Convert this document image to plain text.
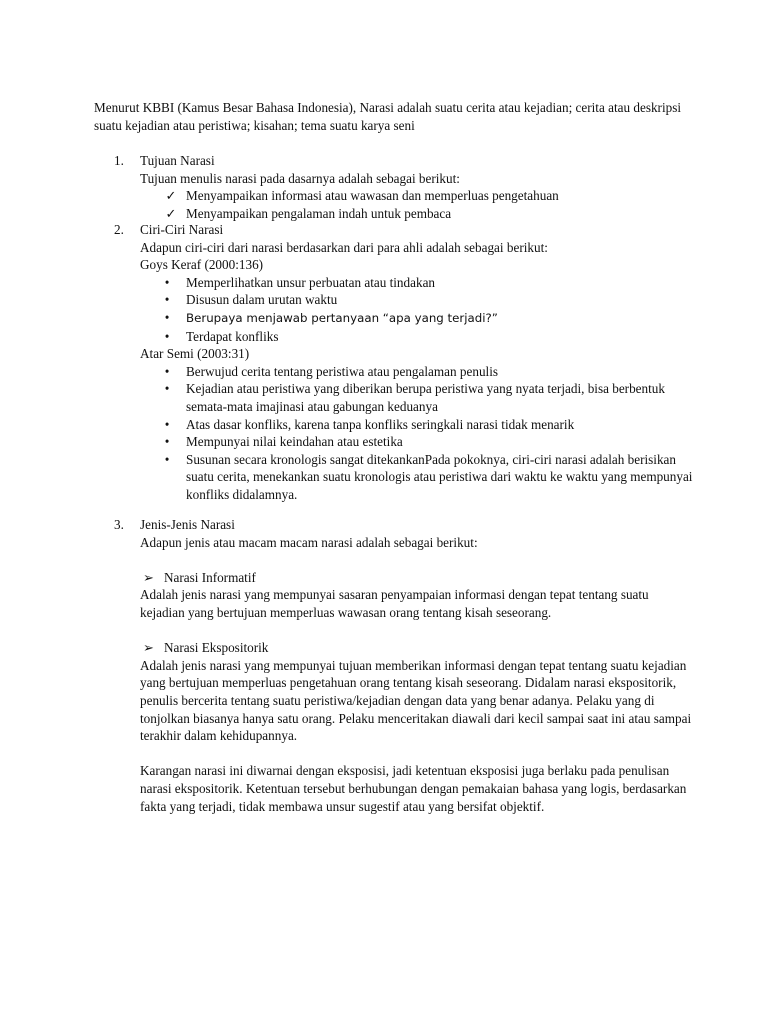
Menurut KBBI (Kamus Besar Bahasa Indonesia), Narasi adalah suatu cerita atau kejadian; cerita atau deskripsi suatu kejadian atau peristiwa; kisahan; tema suatu karya seni

1. Tujuan Narasi

Tujuan menulis narasi pada dasarnya adalah sebagai berikut:

✓ Menyampaikan informasi atau wawasan dan memperluas pengetahuan
✓ Menyampaikan pengalaman indah untuk pembaca
2. Ciri-Ciri Narasi

Adapun ciri-ciri dari narasi berdasarkan dari para ahli adalah sebagai berikut:

Goys Keraf (2000:136)

•	Memperlihatkan unsur perbuatan atau tindakan
•	Disusun dalam urutan waktu
•	Berupaya menjawab pertanyaan “apa yang terjadi?”
•	Terdapat konfliks

Atar Semi (2003:31)

•	Berwujud cerita tentang peristiwa atau pengalaman penulis
•	Kejadian atau peristiwa yang diberikan berupa peristiwa yang nyata terjadi, bisa berbentuk semata-mata imajinasi atau gabungan keduanya
•	Atas dasar konfliks, karena tanpa konfliks seringkali narasi tidak menarik
•	Mempunyai nilai keindahan atau estetika
•	Susunan secara kronologis sangat ditekankanPada pokoknya, ciri-ciri narasi adalah berisikan suatu cerita, menekankan suatu kronologis atau peristiwa dari waktu ke waktu yang mempunyai konfliks didalamnya.
3. Jenis-Jenis Narasi

Adapun jenis atau macam macam narasi adalah sebagai berikut:

➢ Narasi Informatif

Adalah jenis narasi yang mempunyai sasaran penyampaian informasi dengan tepat tentang suatu kejadian yang bertujuan memperluas wawasan orang tentang kisah seseorang.

➢ Narasi Ekspositorik

Adalah jenis narasi yang mempunyai tujuan memberikan informasi dengan tepat tentang suatu kejadian yang bertujuan memperluas pengetahuan orang tentang kisah seseorang. Didalam narasi ekspositorik, penulis bercerita tentang suatu peristiwa/kejadian dengan data yang benar adanya. Pelaku yang di tonjolkan biasanya hanya satu orang. Pelaku menceritakan diawali dari kecil sampai saat ini atau sampai terakhir dalam kehidupannya.

Karangan narasi ini diwarnai dengan eksposisi, jadi ketentuan eksposisi juga berlaku pada penulisan narasi ekspositorik. Ketentuan tersebut berhubungan dengan pemakaian bahasa yang logis, berdasarkan fakta yang terjadi, tidak membawa unsur sugestif atau yang bersifat objektif.
